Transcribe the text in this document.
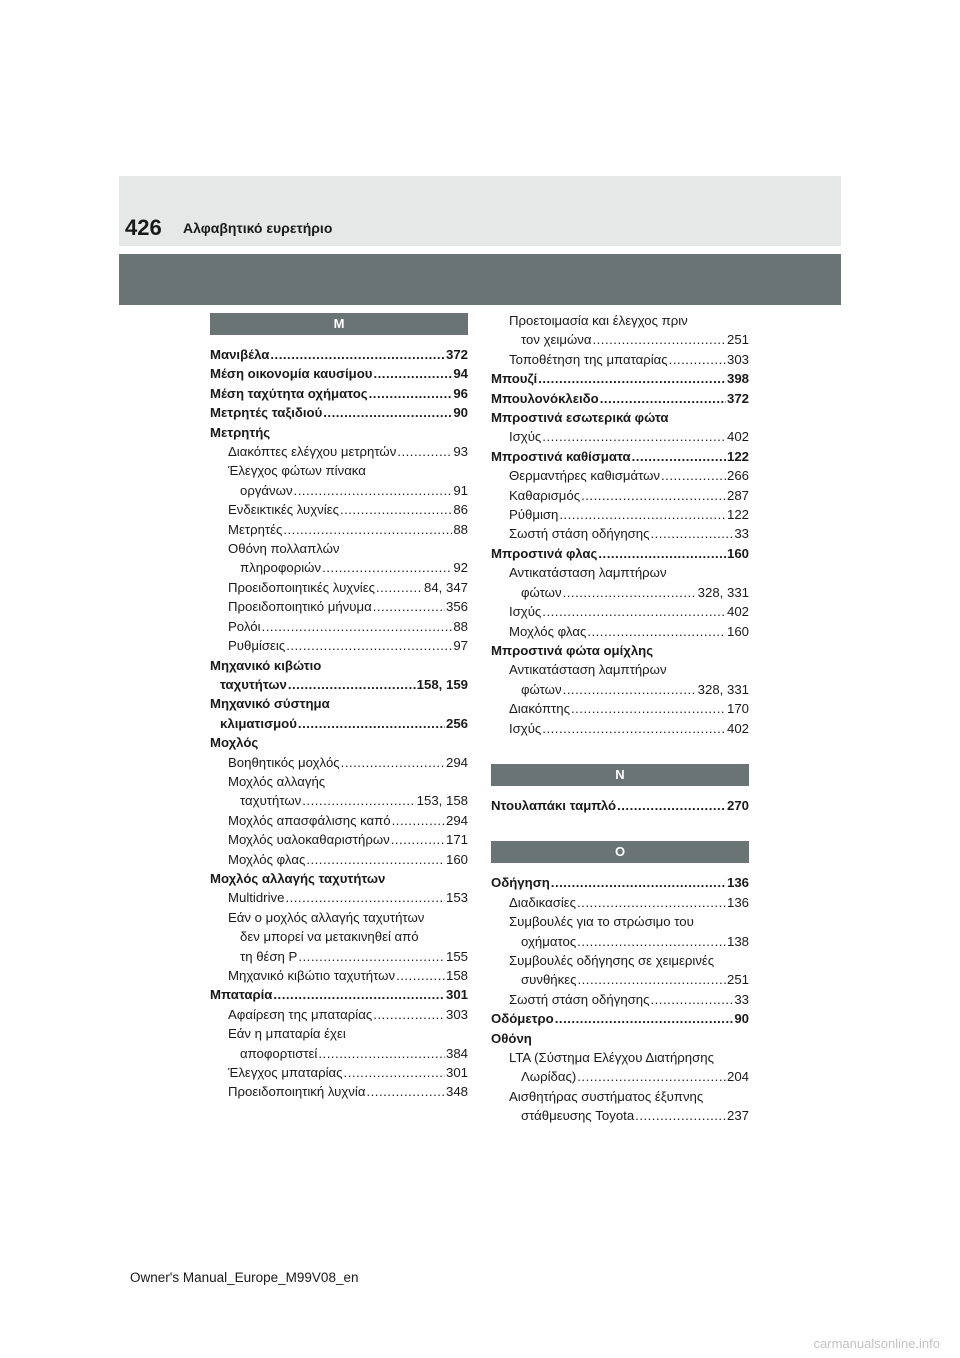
426 Αλφαβητικό ευρετήριο
M
Μανιβέλα .....	372
Μέση οικονομία καυσίμου .....	94
Μέση ταχύτητα οχήματος .....	96
Μετρητές ταξιδιού .....	90
Μετρητής
Διακόπτες ελέγχου μετρητών .....	93
Έλεγχος φώτων πίνακα
οργάνων .....	91
Ενδεικτικές λυχνίες .....	86
Μετρητές .....	88
Οθόνη πολλαπλών
πληροφοριών .....	92
Προειδοποιητικές λυχνίες .....	84, 347
Προειδοποιητικό μήνυμα .....	356
Ρολόι .....	88
Ρυθμίσεις .....	97
Μηχανικό κιβώτιο
ταχυτήτων .....	158, 159
Μηχανικό σύστημα
κλιματισμού .....	256
Μοχλός
Βοηθητικός μοχλός .....	294
Μοχλός αλλαγής
ταχυτήτων .....	153, 158
Μοχλός απασφάλισης καπό .....	294
Μοχλός υαλοκαθαριστήρων .....	171
Μοχλός φλας .....	160
Μοχλός αλλαγής ταχυτήτων
Multidrive .....	153
Εάν ο μοχλός αλλαγής ταχυτήτων
δεν μπορεί να μετακινηθεί από
τη θέση P .....	155
Μηχανικό κιβώτιο ταχυτήτων .....	158
Μπαταρία .....	301
Αφαίρεση της μπαταρίας .....	303
Εάν η μπαταρία έχει
αποφορτιστεί .....	384
Έλεγχος μπαταρίας .....	301
Προειδοποιητική λυχνία .....	348
Προετοιμασία και έλεγχος πριν
τον χειμώνα .....	251
Τοποθέτηση της μπαταρίας .....	303
Μπουζί .....	398
Μπουλονόκλειδο .....	372
Μπροστινά εσωτερικά φώτα
Ισχύς .....	402
Μπροστινά καθίσματα .....	122
Θερμαντήρες καθισμάτων .....	266
Καθαρισμός .....	287
Ρύθμιση .....	122
Σωστή στάση οδήγησης .....	33
Μπροστινά φλας .....	160
Αντικατάσταση λαμπτήρων
φώτων .....	328, 331
Ισχύς .....	402
Μοχλός φλας .....	160
Μπροστινά φώτα ομίχλης
Αντικατάσταση λαμπτήρων
φώτων .....	328, 331
Διακόπτης .....	170
Ισχύς .....	402
N
Ντουλαπάκι ταμπλό .....	270
O
Οδήγηση .....	136
Διαδικασίες .....	136
Συμβουλές για το στρώσιμο του
οχήματος .....	138
Συμβουλές οδήγησης σε χειμερινές
συνθήκες .....	251
Σωστή στάση οδήγησης .....	33
Οδόμετρο .....	90
Οθόνη
LTA (Σύστημα Ελέγχου Διατήρησης
Λωρίδας) .....	204
Αισθητήρας συστήματος έξυπνης
στάθμευσης Toyota .....	237
Owner's Manual_Europe_M99V08_en
carmanualsonline.info
